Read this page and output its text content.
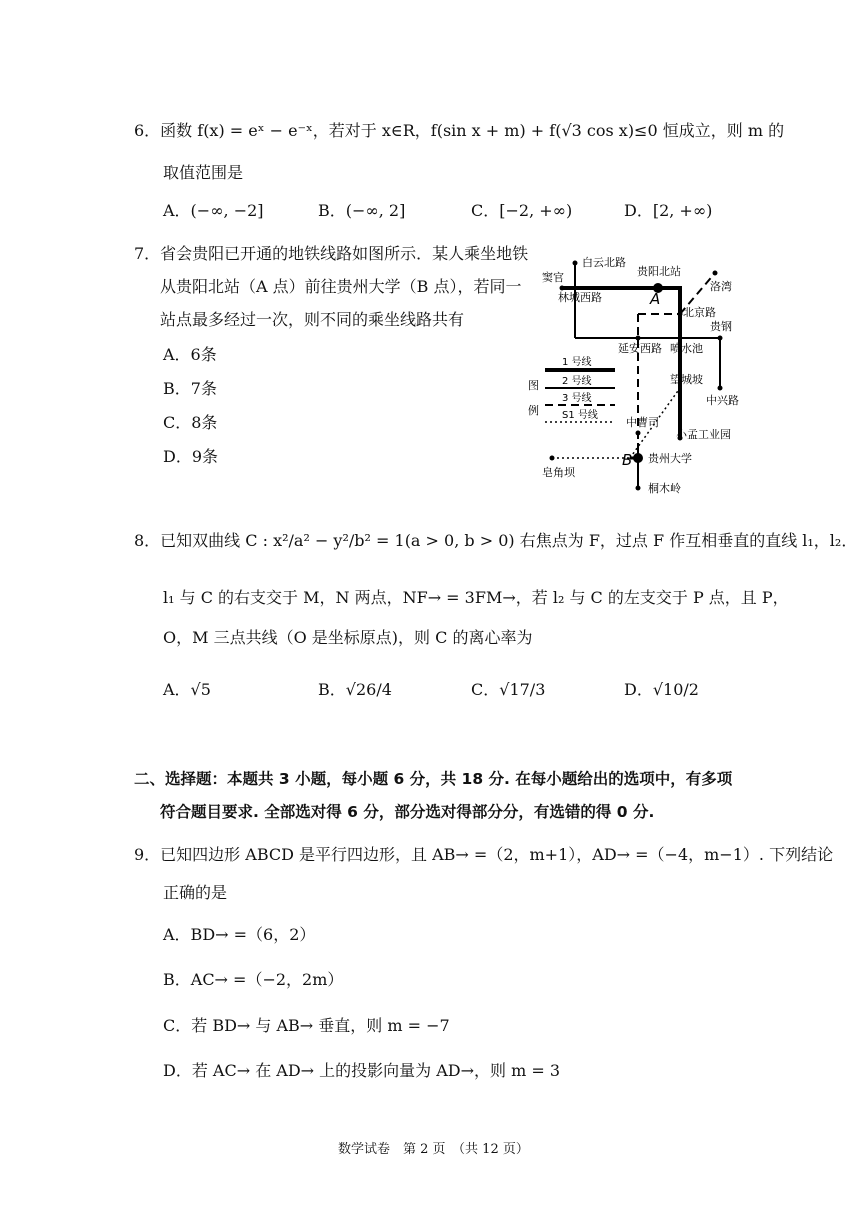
6．函数 f(x) = eˣ − e⁻ˣ，若对于 x∈R，f(sin x + m) + f(√3 cos x)≤0 恒成立，则 m 的
取值范围是
A．(−∞, −2]	B．(−∞, 2]	C．[−2, +∞)	D．[2, +∞)
7．省会贵阳已开通的地铁线路如图所示．某人乘坐地铁
从贵阳北站（A 点）前往贵州大学（B 点），若同一
站点最多经过一次，则不同的乘坐线路共有
A．6条
B．7条
C．8条
D．9条
白云北路
窦官	贵阳北站
洛湾
林城西路
北京路
贵钢
延安西路 喷水池
望城坡
中兴路
中曹司
小孟工业园
皂角坝
贵州大学
桐木岭
A
B
图
例
1 号线
2 号线
3 号线
S1 号线
8．已知双曲线 C : x²/a² − y²/b² = 1(a > 0, b > 0) 右焦点为 F，过点 F 作互相垂直的直线 l₁，l₂．
l₁ 与 C 的右支交于 M，N 两点，NF→ = 3FM→，若 l₂ 与 C 的左支交于 P 点，且 P，
O，M 三点共线（O 是坐标原点)，则 C 的离心率为
A．√5	B．√26/4	C．√17/3	D．√10/2
二、选择题：本题共 3 小题，每小题 6 分，共 18 分. 在每小题给出的选项中，有多项
符合题目要求. 全部选对得 6 分，部分选对得部分分，有选错的得 0 分.
9．已知四边形 ABCD 是平行四边形，且 AB→ =（2，m+1），AD→ =（−4，m−1）. 下列结论
正确的是
A．BD→ =（6，2）
B．AC→ =（−2，2m）
C．若 BD→ 与 AB→ 垂直，则 m = −7
D．若 AC→ 在 AD→ 上的投影向量为 AD→，则 m = 3
数学试卷　第 2 页　（共 12 页）
